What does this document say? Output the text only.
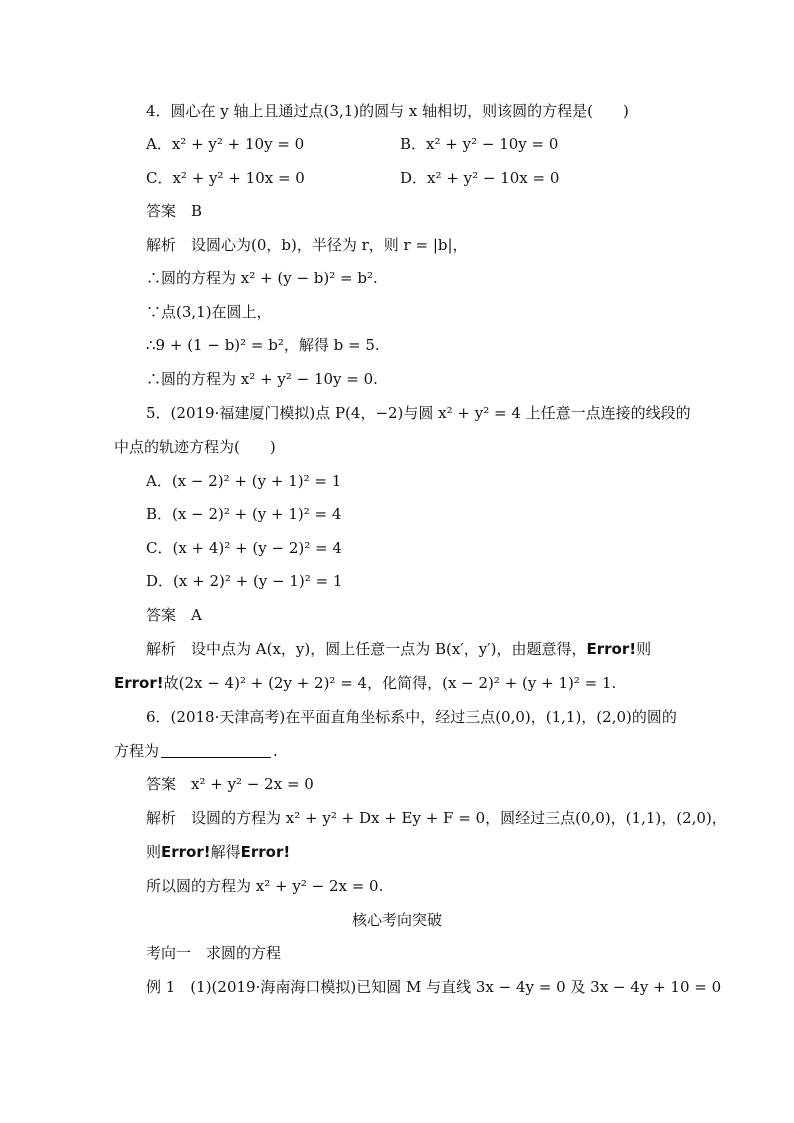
4．圆心在 y 轴上且通过点(3,1)的圆与 x 轴相切，则该圆的方程是(　　)
A．x² + y² + 10y = 0	B．x² + y² − 10y = 0
C．x² + y² + 10x = 0	D．x² + y² − 10x = 0
答案　B
解析　设圆心为(0，b)，半径为 r，则 r = |b|，
∴圆的方程为 x² + (y − b)² = b².
∵点(3,1)在圆上，
∴9 + (1 − b)² = b²，解得 b = 5.
∴圆的方程为 x² + y² − 10y = 0.
5．(2019·福建厦门模拟)点 P(4，−2)与圆 x² + y² = 4 上任意一点连接的线段的
中点的轨迹方程为(　　)
A．(x − 2)² + (y + 1)² = 1
B．(x − 2)² + (y + 1)² = 4
C．(x + 4)² + (y − 2)² = 4
D．(x + 2)² + (y − 1)² = 1
答案　A
解析　设中点为 A(x，y)，圆上任意一点为 B(x′，y′)，由题意得，Error!则
Error!故(2x − 4)² + (2y + 2)² = 4，化简得，(x − 2)² + (y + 1)² = 1.
6．(2018·天津高考)在平面直角坐标系中，经过三点(0,0)，(1,1)，(2,0)的圆的
方程为	.
答案　x² + y² − 2x = 0
解析　设圆的方程为 x² + y² + Dx + Ey + F = 0，圆经过三点(0,0)，(1,1)，(2,0)，
则Error!解得Error!
所以圆的方程为 x² + y² − 2x = 0.
核心考向突破
考向一　求圆的方程
例 1　(1)(2019·海南海口模拟)已知圆 M 与直线 3x − 4y = 0 及 3x − 4y + 10 = 0
